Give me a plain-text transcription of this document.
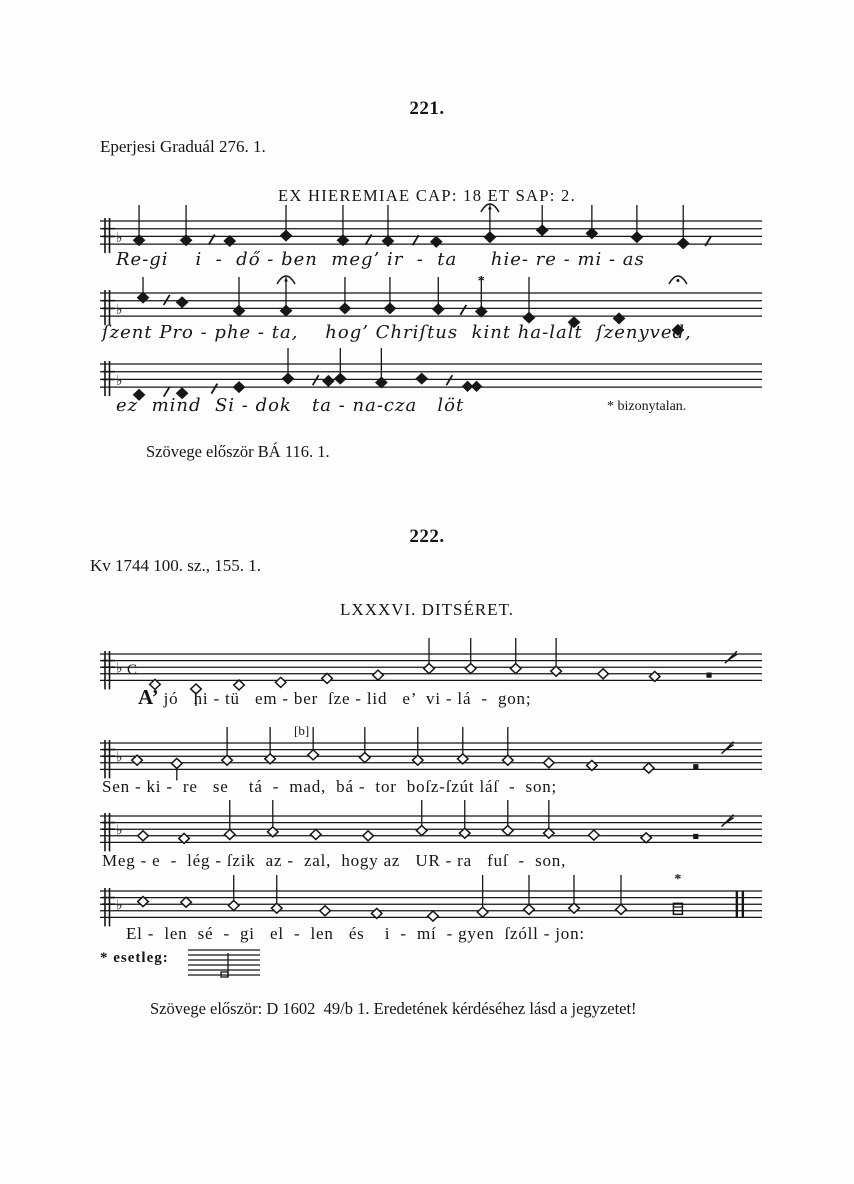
221.
Eperjesi Graduál 276. 1.
EX HIEREMIAE CAP: 18 ET SAP: 2.
♭
Re-gi    i  -  dő - ben  meg’ ir  -  ta     hie- re - mi - as
♭
*
ſzent Pro - phe - ta,    hog’ Chriſtus  kint ha-lalt  ſzenyved,
♭
ez  mind  Si - dok   ta - na-cza   löt	* bizonytalan.
Szövege először BÁ 116. 1.
222.
Kv 1744 100. sz., 155. 1.
LXXXVI. DITSÉRET.
♭ C
A’ jó   hi - tü   em - ber  ſze - lid   e’  vi - lá  -  gon;
[b]
♭
Sen - ki -  re   se    tá  -  mad,  bá -  tor  boſz-ſzút láſ  -  son;
♭
Meg - e  -  lég - ſzik  az -  zal,  hogy az   UR - ra   fuſ  -  son,
♭
*
El -  len  sé  -  gi   el  -  len   és    i  -  mí  - gyen  ſzóll - jon:
* esetleg:
Szövege először: D 1602  49/b 1. Eredetének kérdéséhez lásd a jegyzetet!
